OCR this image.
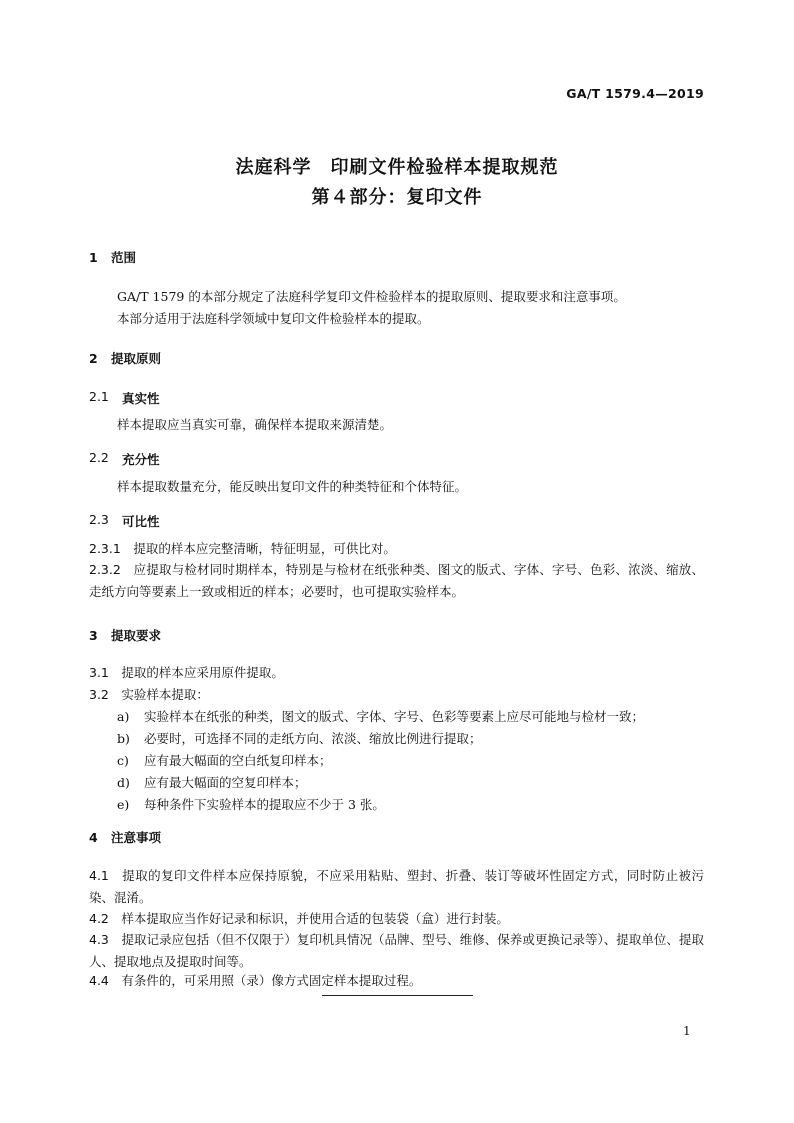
GA/T 1579.4—2019
法庭科学　印刷文件检验样本提取规范
第４部分：复印文件
1 范围
GA/T 1579 的本部分规定了法庭科学复印文件检验样本的提取原则、提取要求和注意事项。
本部分适用于法庭科学领域中复印文件检验样本的提取。
2 提取原则
2.1 真实性
样本提取应当真实可靠，确保样本提取来源清楚。
2.2 充分性
样本提取数量充分，能反映出复印文件的种类特征和个体特征。
2.3 可比性
2.3.1　 提取的样本应完整清晰，特征明显，可供比对。
2.3.2　 应提取与检材同时期样本，特别是与检材在纸张种类、图文的版式、字体、字号、色彩、浓淡、缩放、走纸方向等要素上一致或相近的样本；必要时，也可提取实验样本。
3 提取要求
3.1　 提取的样本应采用原件提取。
3.2　 实验样本提取：
a) 实验样本在纸张的种类，图文的版式、字体、字号、色彩等要素上应尽可能地与检材一致；
b) 必要时，可选择不同的走纸方向、浓淡、缩放比例进行提取；
c) 应有最大幅面的空白纸复印样本；
d) 应有最大幅面的空复印样本；
e) 每种条件下实验样本的提取应不少于 3 张。
4 注意事项
4.1　 提取的复印文件样本应保持原貌，不应采用粘贴、塑封、折叠、装订等破坏性固定方式，同时防止被污染、混淆。
4.2　 样本提取应当作好记录和标识，并使用合适的包装袋（盒）进行封装。
4.3　 提取记录应包括（但不仅限于）复印机具情况（品牌、型号、维修、保养或更换记录等）、提取单位、提取人、提取地点及提取时间等。
4.4　 有条件的，可采用照（录）像方式固定样本提取过程。
1
